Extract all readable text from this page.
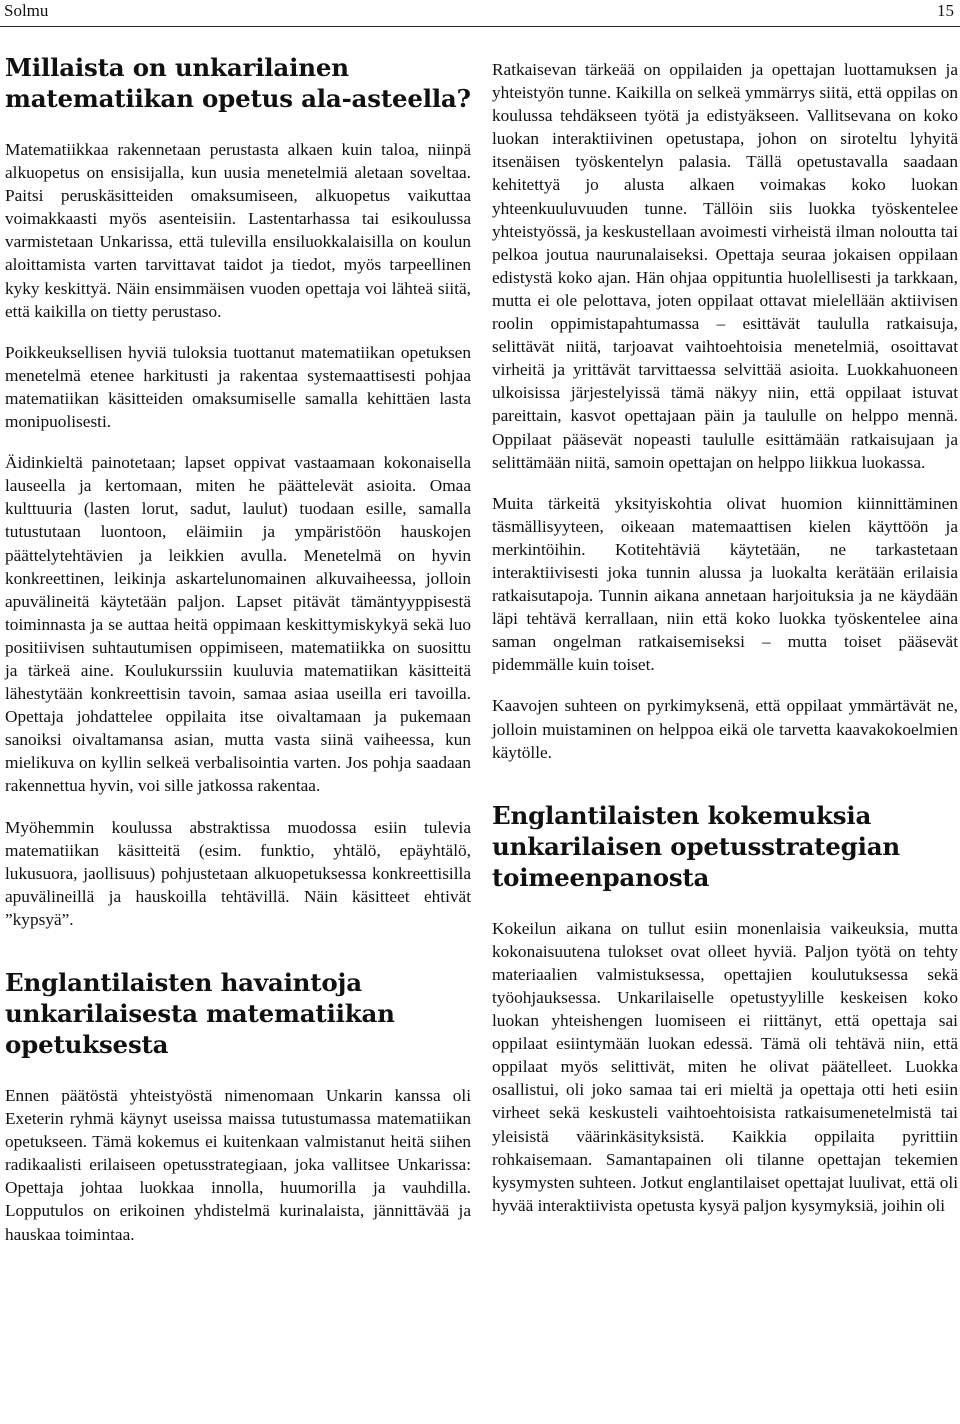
Solmu	15
Millaista on unkarilainen matematiikan opetus ala-asteella?

Matematiikkaa rakennetaan perustasta alkaen kuin taloa, niinpä alkuopetus on ensisijalla, kun uusia menetelmiä aletaan soveltaa. Paitsi peruskäsitteiden omaksumiseen, alkuopetus vaikuttaa voimakkaasti myös asenteisiin. Lastentarhassa tai esikoulussa varmistetaan Unkarissa, että tulevilla ensiluokkalaisilla on koulun aloittamista varten tarvittavat taidot ja tiedot, myös tarpeellinen kyky keskittyä. Näin ensimmäisen vuoden opettaja voi lähteä siitä, että kaikilla on tietty perustaso.

Poikkeuksellisen hyviä tuloksia tuottanut matematiikan opetuksen menetelmä etenee harkitusti ja rakentaa systemaattisesti pohjaa matematiikan käsitteiden omaksumiselle samalla kehittäen lasta monipuolisesti.

Äidinkieltä painotetaan; lapset oppivat vastaamaan kokonaisella lauseella ja kertomaan, miten he päättelevät asioita. Omaa kulttuuria (lasten lorut, sadut, laulut) tuodaan esille, samalla tutustutaan luontoon, eläimiin ja ympäristöön hauskojen päättelytehtävien ja leikkien avulla. Menetelmä on hyvin konkreettinen, leikinja askartelunomainen alkuvaiheessa, jolloin apuvälineitä käytetään paljon. Lapset pitävät tämäntyyppisestä toiminnasta ja se auttaa heitä oppimaan keskittymiskykyä sekä luo positiivisen suhtautumisen oppimiseen, matematiikka on suosittu ja tärkeä aine. Koulukurssiin kuuluvia matematiikan käsitteitä lähestytään konkreettisin tavoin, samaa asiaa useilla eri tavoilla. Opettaja johdattelee oppilaita itse oivaltamaan ja pukemaan sanoiksi oivaltamansa asian, mutta vasta siinä vaiheessa, kun mielikuva on kyllin selkeä verbalisointia varten. Jos pohja saadaan rakennettua hyvin, voi sille jatkossa rakentaa.

Myöhemmin koulussa abstraktissa muodossa esiin tulevia matematiikan käsitteitä (esim. funktio, yhtälö, epäyhtälö, lukusuora, jaollisuus) pohjustetaan alkuopetuksessa konkreettisilla apuvälineillä ja hauskoilla tehtävillä. Näin käsitteet ehtivät ”kypsyä”.

Englantilaisten havaintoja unkarilaisesta matematiikan opetuksesta

Ennen päätöstä yhteistyöstä nimenomaan Unkarin kanssa oli Exeterin ryhmä käynyt useissa maissa tutustumassa matematiikan opetukseen. Tämä kokemus ei kuitenkaan valmistanut heitä siihen radikaalisti erilaiseen opetusstrategiaan, joka vallitsee Unkarissa: Opettaja johtaa luokkaa innolla, huumorilla ja vauhdilla. Lopputulos on erikoinen yhdistelmä kurinalaista, jännittävää ja hauskaa toimintaa.

Ratkaisevan tärkeää on oppilaiden ja opettajan luottamuksen ja yhteistyön tunne. Kaikilla on selkeä ymmärrys siitä, että oppilas on koulussa tehdäkseen työtä ja edistyäkseen. Vallitsevana on koko luokan interaktiivinen opetustapa, johon on siroteltu lyhyitä itsenäisen työskentelyn palasia. Tällä opetustavalla saadaan kehitettyä jo alusta alkaen voimakas koko luokan yhteenkuuluvuuden tunne. Tällöin siis luokka työskentelee yhteistyössä, ja keskustellaan avoimesti virheistä ilman nolouttа tai pelkoa joutua naurunalaiseksi. Opettaja seuraa jokaisen oppilaan edistystä koko ajan. Hän ohjaa oppituntia huolellisesti ja tarkkaan, mutta ei ole pelottava, joten oppilaat ottavat mielellään aktiivisen roolin oppimistapahtumassa – esittävät taululla ratkaisuja, selittävät niitä, tarjoavat vaihtoehtoisia menetelmiä, osoittavat virheitä ja yrittävät tarvittaessa selvittää asioita. Luokkahuoneen ulkoisissa järjestelyissä tämä näkyy niin, että oppilaat istuvat pareittain, kasvot opettajaan päin ja taululle on helppo mennä. Oppilaat pääsevät nopeasti taululle esittämään ratkaisujaan ja selittämään niitä, samoin opettajan on helppo liikkua luokassa.

Muita tärkeitä yksityiskohtia olivat huomion kiinnittäminen täsmällisyyteen, oikeaan matemaattisen kielen käyttöön ja merkintöihin. Kotitehtäviä käytetään, ne tarkastetaan interaktiivisesti joka tunnin alussa ja luokalta kerätään erilaisia ratkaisutapoja. Tunnin aikana annetaan harjoituksia ja ne käydään läpi tehtävä kerrallaan, niin että koko luokka työskentelee aina saman ongelman ratkaisemiseksi – mutta toiset pääsevät pidemmälle kuin toiset.

Kaavojen suhteen on pyrkimyksenä, että oppilaat ymmärtävät ne, jolloin muistaminen on helppoa eikä ole tarvetta kaavakokoelmien käytölle.

Englantilaisten kokemuksia unkarilaisen opetusstrategian toimeenpanosta

Kokeilun aikana on tullut esiin monenlaisia vaikeuksia, mutta kokonaisuutena tulokset ovat olleet hyviä. Paljon työtä on tehty materiaalien valmistuksessa, opettajien koulutuksessa sekä työohjauksessa. Unkarilaiselle opetustyylille keskeisen koko luokan yhteishengen luomiseen ei riittänyt, että opettaja sai oppilaat esiintymään luokan edessä. Tämä oli tehtävä niin, että oppilaat myös selittivät, miten he olivat päätelleet. Luokka osallistui, oli joko samaa tai eri mieltä ja opettaja otti heti esiin virheet sekä keskusteli vaihtoehtoisista ratkaisumenetelmistä tai yleisistä väärinkäsityksistä. Kaikkia oppilaita pyrittiin rohkaisemaan. Samantapainen oli tilanne opettajan tekemien kysymysten suhteen. Jotkut englantilaiset opettajat luulivat, että oli hyvää interaktiivista opetusta kysyä paljon kysymyksiä, joihin oli
